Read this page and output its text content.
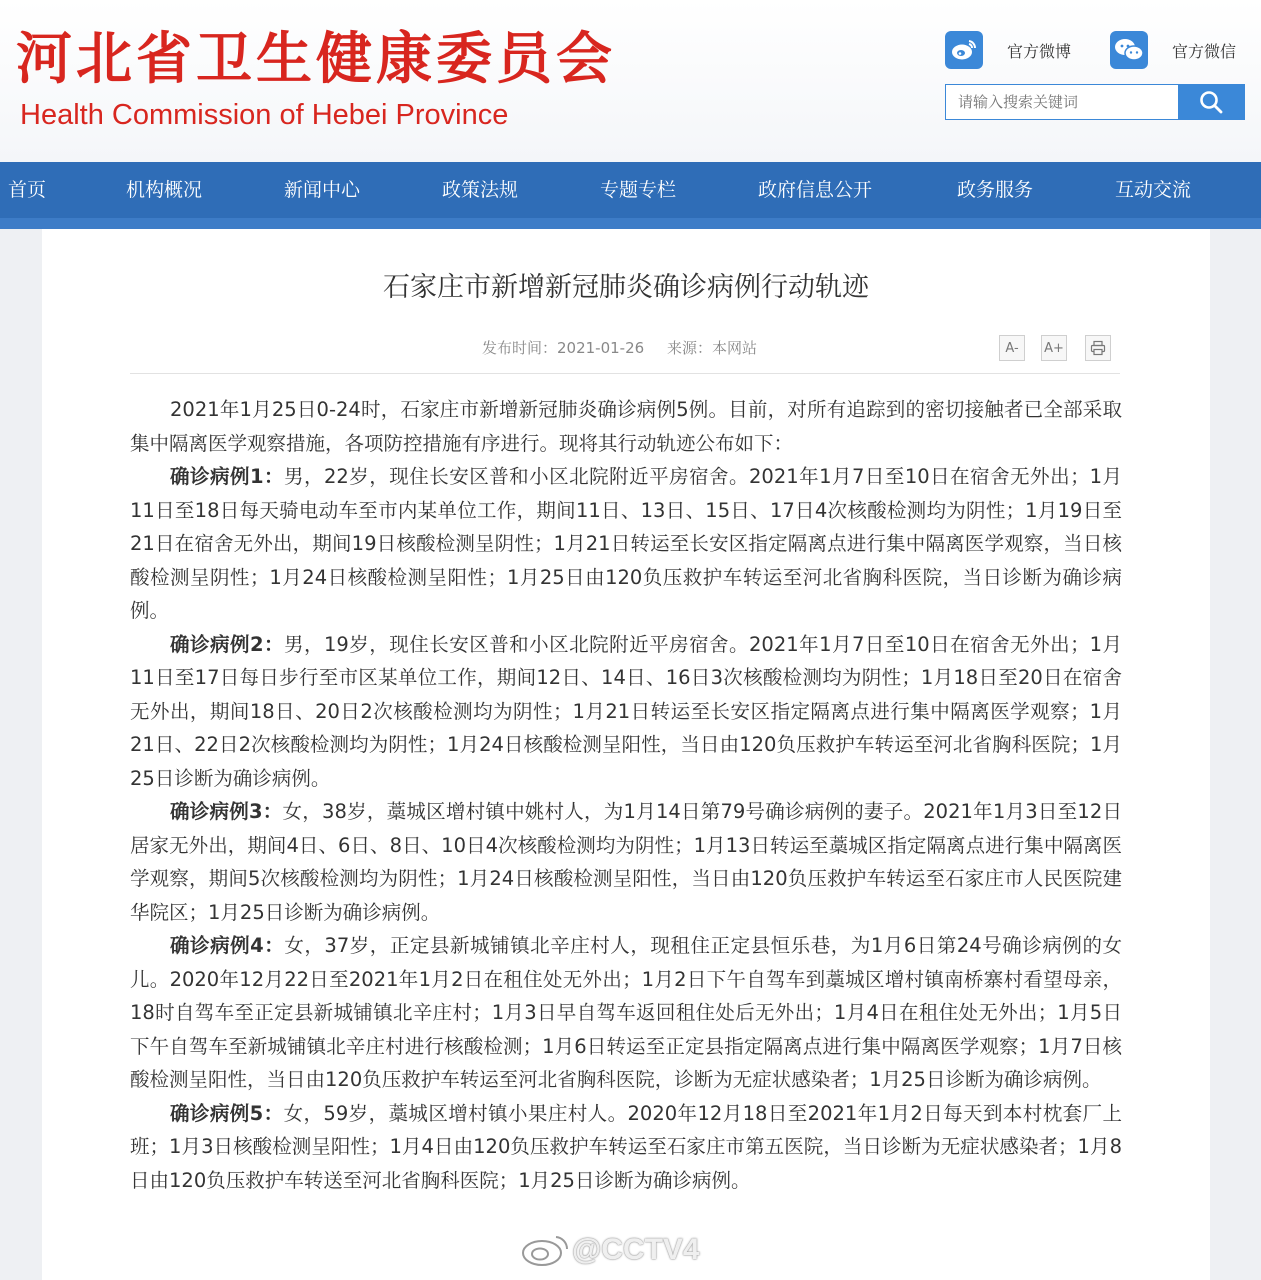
河北省卫生健康委员会
Health Commission of Hebei Province
官方微博	官方微信
请输入搜索关键词
首页	机构概况	新闻中心	政策法规	专题专栏	政府信息公开	政务服务	互动交流
石家庄市新增新冠肺炎确诊病例行动轨迹
发布时间：2021-01-26 来源：本网站	A- A+

2021年1月25日0-24时，石家庄市新增新冠肺炎确诊病例5例。目前，对所有追踪到的密切接触者已全部采取集中隔离医学观察措施，各项防控措施有序进行。现将其行动轨迹公布如下：

确诊病例1：男，22岁，现住长安区普和小区北院附近平房宿舍。2021年1月7日至10日在宿舍无外出；1月11日至18日每天骑电动车至市内某单位工作，期间11日、13日、15日、17日4次核酸检测均为阴性；1月19日至21日在宿舍无外出，期间19日核酸检测呈阴性；1月21日转运至长安区指定隔离点进行集中隔离医学观察，当日核酸检测呈阴性；1月24日核酸检测呈阳性；1月25日由120负压救护车转运至河北省胸科医院，当日诊断为确诊病例。

确诊病例2：男，19岁，现住长安区普和小区北院附近平房宿舍。2021年1月7日至10日在宿舍无外出；1月11日至17日每日步行至市区某单位工作，期间12日、14日、16日3次核酸检测均为阴性；1月18日至20日在宿舍无外出，期间18日、20日2次核酸检测均为阴性；1月21日转运至长安区指定隔离点进行集中隔离医学观察；1月21日、22日2次核酸检测均为阴性；1月24日核酸检测呈阳性，当日由120负压救护车转运至河北省胸科医院；1月25日诊断为确诊病例。

确诊病例3：女，38岁，藁城区增村镇中姚村人，为1月14日第79号确诊病例的妻子。2021年1月3日至12日居家无外出，期间4日、6日、8日、10日4次核酸检测均为阴性；1月13日转运至藁城区指定隔离点进行集中隔离医学观察，期间5次核酸检测均为阴性；1月24日核酸检测呈阳性，当日由120负压救护车转运至石家庄市人民医院建华院区；1月25日诊断为确诊病例。

确诊病例4：女，37岁，正定县新城铺镇北辛庄村人，现租住正定县恒乐巷，为1月6日第24号确诊病例的女儿。2020年12月22日至2021年1月2日在租住处无外出；1月2日下午自驾车到藁城区增村镇南桥寨村看望母亲，18时自驾车至正定县新城铺镇北辛庄村；1月3日早自驾车返回租住处后无外出；1月4日在租住处无外出；1月5日下午自驾车至新城铺镇北辛庄村进行核酸检测；1月6日转运至正定县指定隔离点进行集中隔离医学观察；1月7日核酸检测呈阳性，当日由120负压救护车转运至河北省胸科医院，诊断为无症状感染者；1月25日诊断为确诊病例。

确诊病例5：女，59岁，藁城区增村镇小果庄村人。2020年12月18日至2021年1月2日每天到本村枕套厂上班；1月3日核酸检测呈阳性；1月4日由120负压救护车转运至石家庄市第五医院，当日诊断为无症状感染者；1月8日由120负压救护车转送至河北省胸科医院；1月25日诊断为确诊病例。

@CCTV4
